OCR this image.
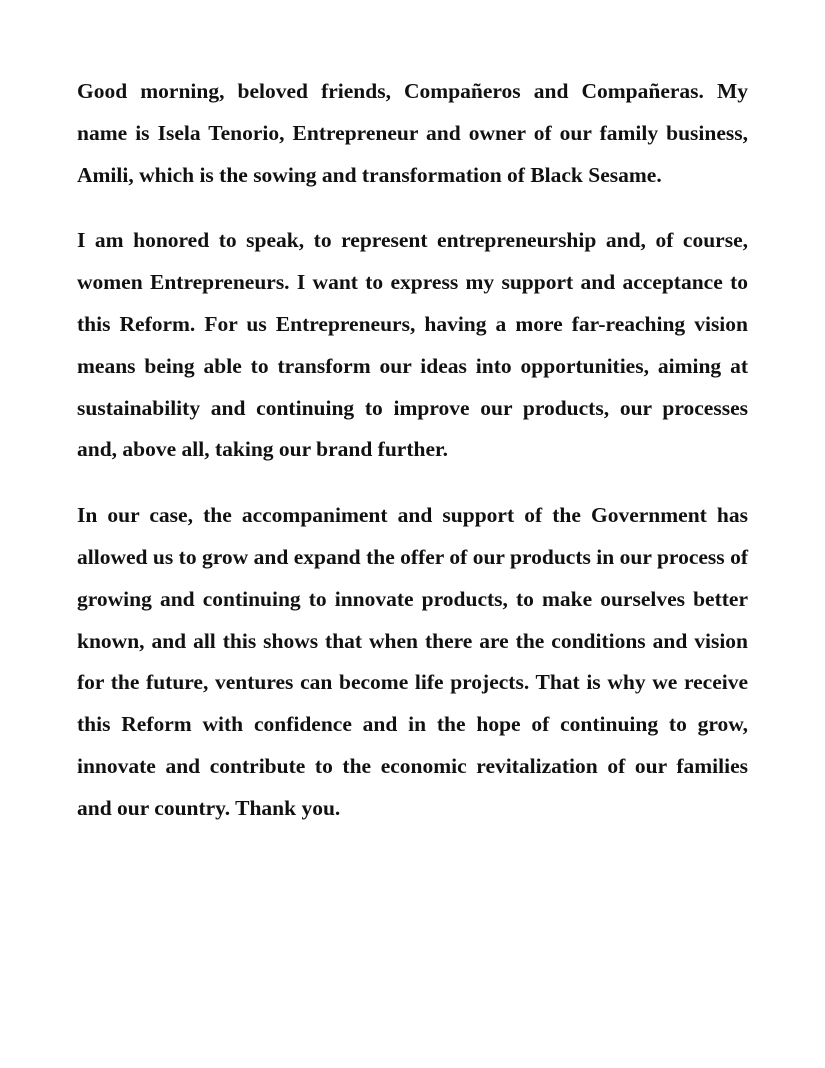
Good morning, beloved friends, Compañeros and Compañeras. My name is Isela Tenorio, Entrepreneur and owner of our family business, Amili, which is the sowing and transformation of Black Sesame.

I am honored to speak, to represent entrepreneurship and, of course, women Entrepreneurs. I want to express my support and acceptance to this Reform. For us Entrepreneurs, having a more far-reaching vision means being able to transform our ideas into opportunities, aiming at sustainability and continuing to improve our products, our processes and, above all, taking our brand further.

In our case, the accompaniment and support of the Government has allowed us to grow and expand the offer of our products in our process of growing and continuing to innovate products, to make ourselves better known, and all this shows that when there are the conditions and vision for the future, ventures can become life projects. That is why we receive this Reform with confidence and in the hope of continuing to grow, innovate and contribute to the economic revitalization of our families and our country. Thank you.
